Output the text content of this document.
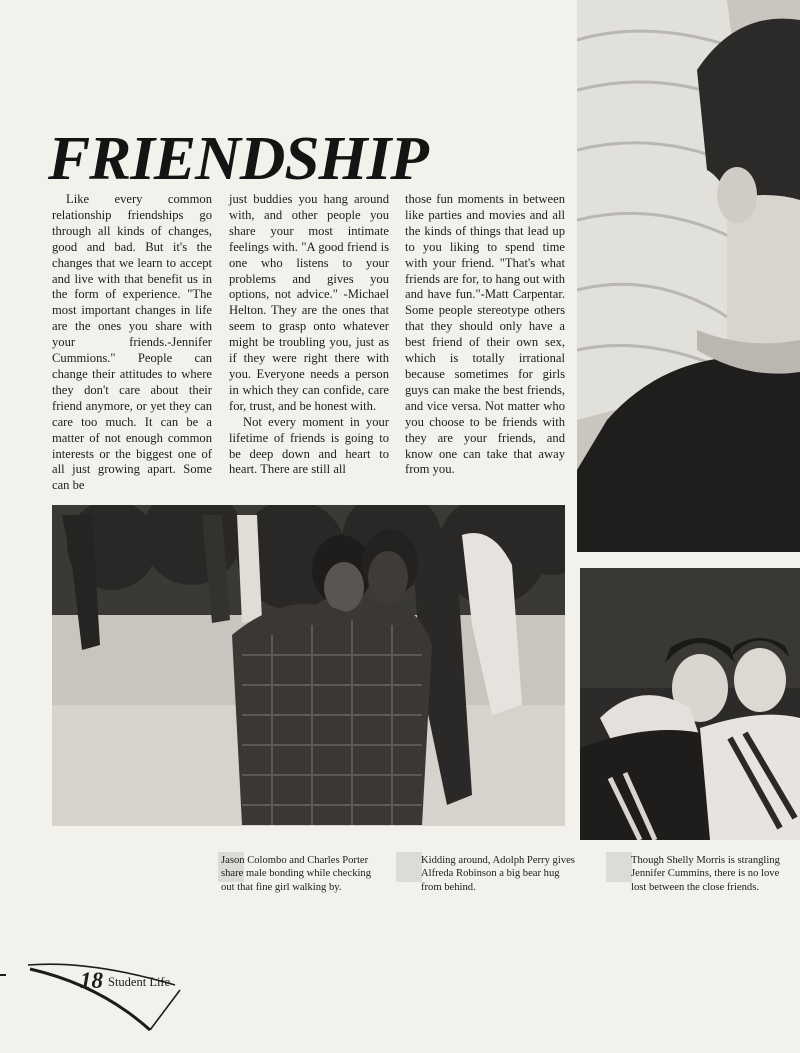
FRIENDSHIP

Like every common relationship friendships go through all kinds of changes, good and bad. But it's the changes that we learn to accept and live with that benefit us in the form of experience. "The most important changes in life are the ones you share with your friends.-Jennifer Cummions." People can change their attitudes to where they don't care about their friend anymore, or yet they can care too much. It can be a matter of not enough common interests or the biggest one of all just growing apart. Some can be

just buddies you hang around with, and other people you share your most intimate feelings with. "A good friend is one who listens to your problems and gives you options, not advice." -Michael Helton. They are the ones that seem to grasp onto whatever might be troubling you, just as if they were right there with you. Everyone needs a person in which they can confide, care for, trust, and be honest with.

Not every moment in your lifetime of friends is going to be deep down and heart to heart. There are still all

those fun moments in between like parties and movies and all the kinds of things that lead up to you liking to spend time with your friend. "That's what friends are for, to hang out with and have fun."-Matt Carpentar. Some people stereotype others that they should only have a best friend of their own sex, which is totally irrational because sometimes for girls guys can make the best friends, and vice versa. Not matter who you choose to be friends with they are your friends, and know one can take that away from you.

Jason Colombo and Charles Porter share male bonding while checking out that fine girl walking by.

Kidding around, Adolph Perry gives Alfreda Robinson a big bear hug from behind.

Though Shelly Morris is strangling Jennifer Cummins, there is no love lost between the close friends.

18 Student Life
